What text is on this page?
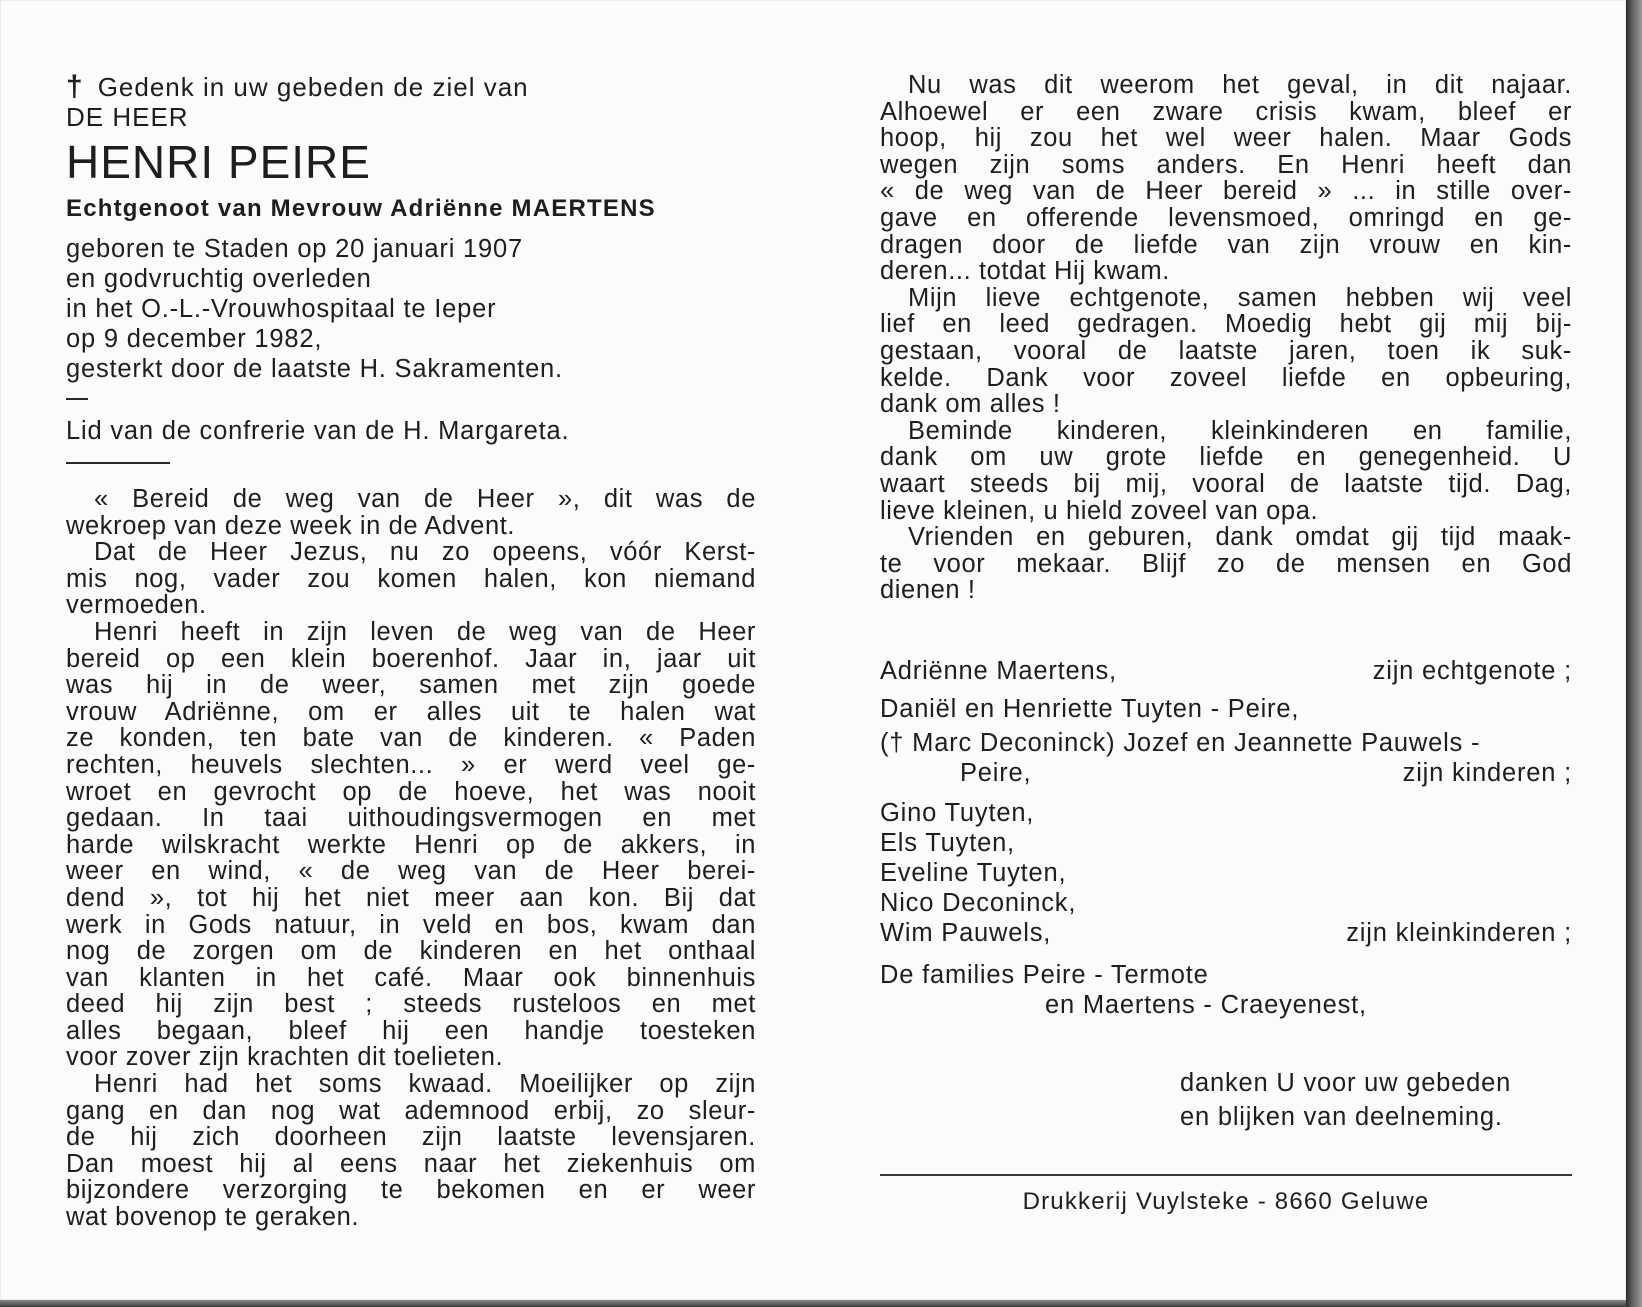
† Gedenk in uw gebeden de ziel van
DE HEER
HENRI PEIRE
Echtgenoot van Mevrouw Adriënne MAERTENS
geboren te Staden op 20 januari 1907
en godvruchtig overleden
in het O.-L.-Vrouwhospitaal te Ieper
op 9 december 1982,
gesterkt door de laatste H. Sakramenten.
Lid van de confrerie van de H. Margareta.
« Bereid de weg van de Heer », dit was de
wekroep van deze week in de Advent.
Dat de Heer Jezus, nu zo opeens, vóór Kerst-
mis nog, vader zou komen halen, kon niemand
vermoeden.
Henri heeft in zijn leven de weg van de Heer
bereid op een klein boerenhof. Jaar in, jaar uit
was hij in de weer, samen met zijn goede
vrouw Adriënne, om er alles uit te halen wat
ze konden, ten bate van de kinderen. « Paden
rechten, heuvels slechten... » er werd veel ge-
wroet en gevrocht op de hoeve, het was nooit
gedaan. In taai uithoudingsvermogen en met
harde wilskracht werkte Henri op de akkers, in
weer en wind, « de weg van de Heer berei-
dend », tot hij het niet meer aan kon. Bij dat
werk in Gods natuur, in veld en bos, kwam dan
nog de zorgen om de kinderen en het onthaal
van klanten in het café. Maar ook binnenhuis
deed hij zijn best ; steeds rusteloos en met
alles begaan, bleef hij een handje toesteken
voor zover zijn krachten dit toelieten.
Henri had het soms kwaad. Moeilijker op zijn
gang en dan nog wat ademnood erbij, zo sleur-
de hij zich doorheen zijn laatste levensjaren.
Dan moest hij al eens naar het ziekenhuis om
bijzondere verzorging te bekomen en er weer
wat bovenop te geraken.
Nu was dit weerom het geval, in dit najaar.
Alhoewel er een zware crisis kwam, bleef er
hoop, hij zou het wel weer halen. Maar Gods
wegen zijn soms anders. En Henri heeft dan
« de weg van de Heer bereid » ... in stille over-
gave en offerende levensmoed, omringd en ge-
dragen door de liefde van zijn vrouw en kin-
deren... totdat Hij kwam.
Mijn lieve echtgenote, samen hebben wij veel
lief en leed gedragen. Moedig hebt gij mij bij-
gestaan, vooral de laatste jaren, toen ik suk-
kelde. Dank voor zoveel liefde en opbeuring,
dank om alles !
Beminde kinderen, kleinkinderen en familie,
dank om uw grote liefde en genegenheid. U
waart steeds bij mij, vooral de laatste tijd. Dag,
lieve kleinen, u hield zoveel van opa.
Vrienden en geburen, dank omdat gij tijd maak-
te voor mekaar. Blijf zo de mensen en God
dienen !
Adriënne Maertens,	zijn echtgenote ;
Daniël en Henriette Tuyten - Peire,
(† Marc Deconinck) Jozef en Jeannette Pauwels -
Peire,	zijn kinderen ;
Gino Tuyten,
Els Tuyten,
Eveline Tuyten,
Nico Deconinck,
Wim Pauwels,	zijn kleinkinderen ;
De families Peire - Termote
en Maertens - Craeyenest,
danken U voor uw gebeden
en blijken van deelneming.
Drukkerij Vuylsteke - 8660 Geluwe
